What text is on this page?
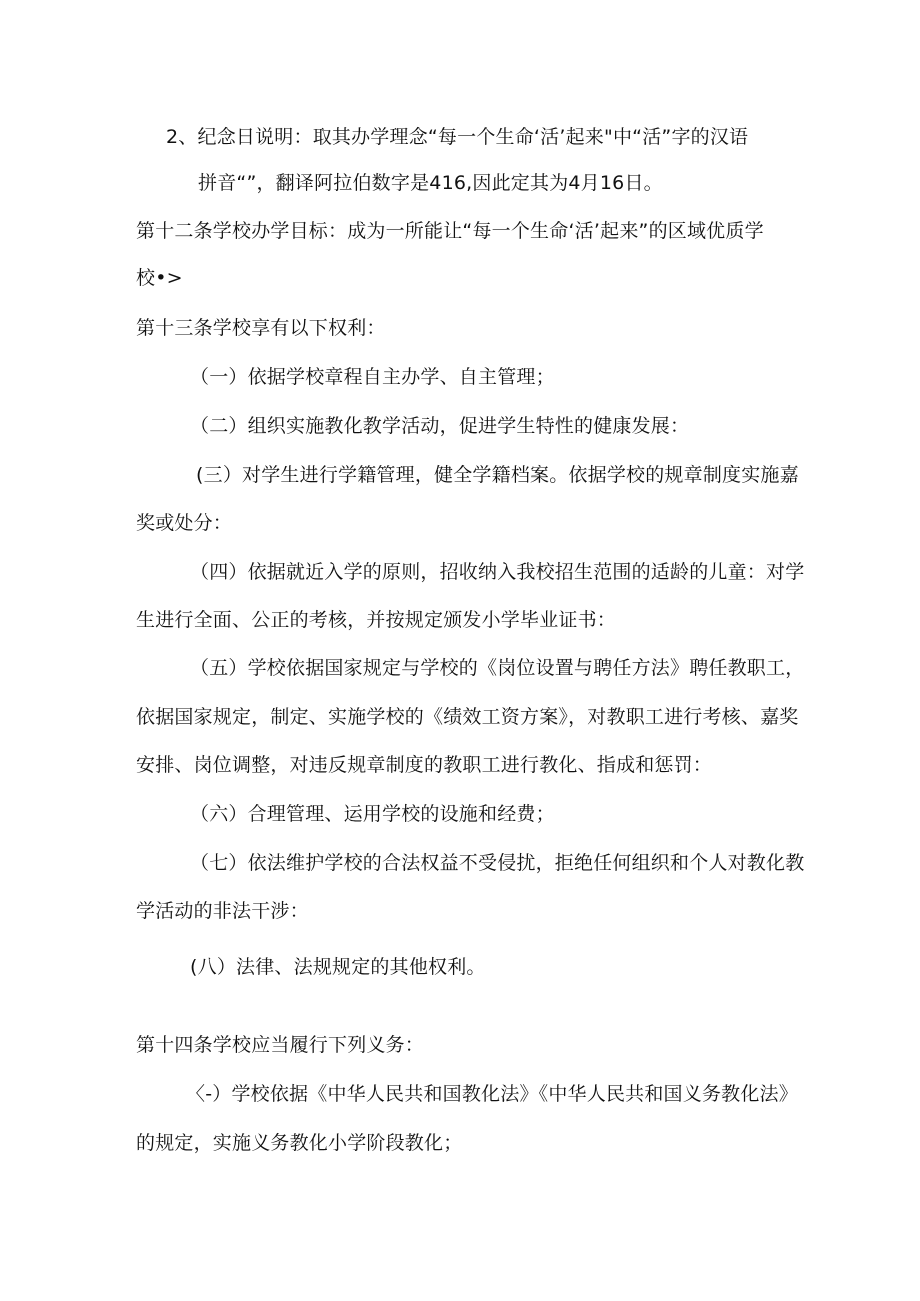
2、纪念日说明：取其办学理念“每一个生命‘活’起来"中“活”字的汉语
拼音“”，翻译阿拉伯数字是416,因此定其为4月16日。
第十二条学校办学目标：成为一所能让“每一个生命‘活’起来”的区域优质学
校•>
第十三条学校享有以下权利：
（一）依据学校章程自主办学、自主管理；
（二）组织实施教化教学活动，促进学生特性的健康发展：
(三）对学生进行学籍管理，健全学籍档案。依据学校的规章制度实施嘉
奖或处分：
（四）依据就近入学的原则，招收纳入我校招生范围的适龄的儿童：对学
生进行全面、公正的考核，并按规定颁发小学毕业证书：
（五）学校依据国家规定与学校的《岗位设置与聘任方法》聘任教职工，
依据国家规定，制定、实施学校的《绩效工资方案》，对教职工进行考核、嘉奖
安排、岗位调整，对违反规章制度的教职工进行教化、指成和惩罚：
（六）合理管理、运用学校的设施和经费；
（七）依法维护学校的合法权益不受侵扰，拒绝任何组织和个人对教化教
学活动的非法干涉：
(八）法律、法规规定的其他权利。
第十四条学校应当履行下列义务：
〈-）学校依据《中华人民共和国教化法》《中华人民共和国义务教化法》
的规定，实施义务教化小学阶段教化；
